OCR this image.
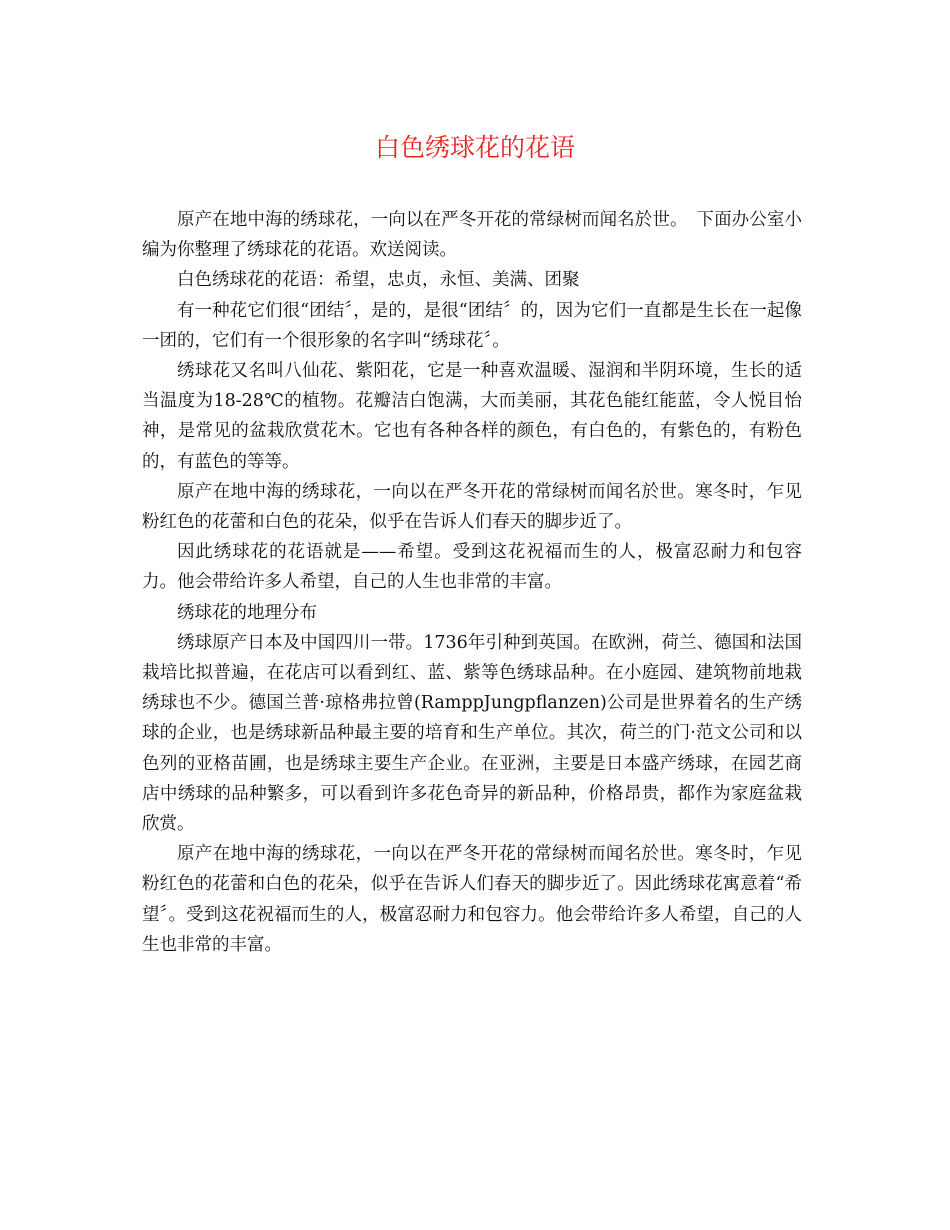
白色绣球花的花语

原产在地中海的绣球花，一向以在严冬开花的常绿树而闻名於世。　下面办公室小编为你整理了绣球花的花语。欢送阅读。

白色绣球花的花语：希望，忠贞，永恒、美满、团聚

有一种花它们很“团结〞，是的，是很“团结〞的，因为它们一直都是生长在一起像一团的，它们有一个很形象的名字叫“绣球花〞。

绣球花又名叫八仙花、紫阳花，它是一种喜欢温暖、湿润和半阴环境，生长的适当温度为18-28℃的植物。花瓣洁白饱满，大而美丽，其花色能红能蓝，令人悦目怡神，是常见的盆栽欣赏花木。它也有各种各样的颜色，有白色的，有紫色的，有粉色的，有蓝色的等等。

原产在地中海的绣球花，一向以在严冬开花的常绿树而闻名於世。寒冬时，乍见粉红色的花蕾和白色的花朵，似乎在告诉人们春天的脚步近了。

因此绣球花的花语就是——希望。受到这花祝福而生的人，极富忍耐力和包容力。他会带给许多人希望，自己的人生也非常的丰富。

绣球花的地理分布

绣球原产日本及中国四川一带。1736年引种到英国。在欧洲，荷兰、德国和法国栽培比拟普遍，在花店可以看到红、蓝、紫等色绣球品种。在小庭园、建筑物前地栽绣球也不少。德国兰普·琼格弗拉曾(RamppJungpflanzen)公司是世界着名的生产绣球的企业，也是绣球新品种最主要的培育和生产单位。其次，荷兰的门·范文公司和以色列的亚格苗圃，也是绣球主要生产企业。在亚洲，主要是日本盛产绣球，在园艺商店中绣球的品种繁多，可以看到许多花色奇异的新品种，价格昂贵，都作为家庭盆栽欣赏。

原产在地中海的绣球花，一向以在严冬开花的常绿树而闻名於世。寒冬时，乍见粉红色的花蕾和白色的花朵，似乎在告诉人们春天的脚步近了。因此绣球花寓意着“希望〞。受到这花祝福而生的人，极富忍耐力和包容力。他会带给许多人希望，自己的人生也非常的丰富。
